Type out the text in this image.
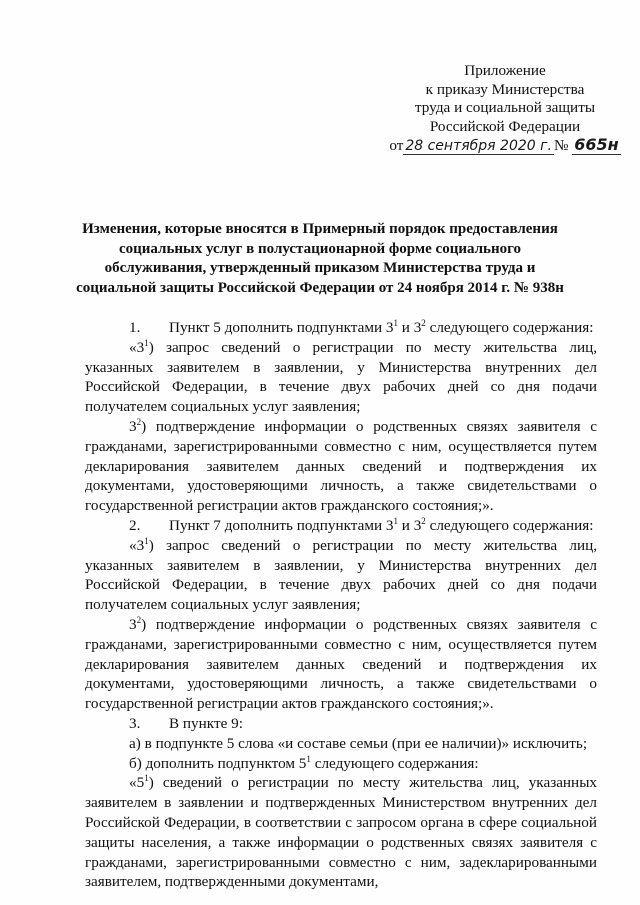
Приложение
к приказу Министерства
труда и социальной защиты
Российской Федерации
от 28 сентября 2020 г. № 665н
Изменения, которые вносятся в Примерный порядок предоставления
социальных услуг в полустационарной форме социального
обслуживания, утвержденный приказом Министерства труда и
социальной защиты Российской Федерации от 24 ноября 2014 г. № 938н

1. Пункт 5 дополнить подпунктами $3^1$ и $3^2$ следующего содержания:

«$3^1$) запрос сведений о регистрации по месту жительства лиц, указанных заявителем в заявлении, у Министерства внутренних дел Российской Федерации, в течение двух рабочих дней со дня подачи получателем социальных услуг заявления;

$3^2$) подтверждение информации о родственных связях заявителя с гражданами, зарегистрированными совместно с ним, осуществляется путем декларирования заявителем данных сведений и подтверждения их документами, удостоверяющими личность, а также свидетельствами о государственной регистрации актов гражданского состояния;».

2. Пункт 7 дополнить подпунктами $3^1$ и $3^2$ следующего содержания:

«$3^1$) запрос сведений о регистрации по месту жительства лиц, указанных заявителем в заявлении, у Министерства внутренних дел Российской Федерации, в течение двух рабочих дней со дня подачи получателем социальных услуг заявления;

$3^2$) подтверждение информации о родственных связях заявителя с гражданами, зарегистрированными совместно с ним, осуществляется путем декларирования заявителем данных сведений и подтверждения их документами, удостоверяющими личность, а также свидетельствами о государственной регистрации актов гражданского состояния;».

3. В пункте 9:

а) в подпункте 5 слова «и составе семьи (при ее наличии)» исключить;

б) дополнить подпунктом $5^1$ следующего содержания:

«$5^1$) сведений о регистрации по месту жительства лиц, указанных заявителем в заявлении и подтвержденных Министерством внутренних дел Российской Федерации, в соответствии с запросом органа в сфере социальной защиты населения, а также информации о родственных связях заявителя с гражданами, зарегистрированными совместно с ним, задекларированными заявителем, подтвержденными документами,
